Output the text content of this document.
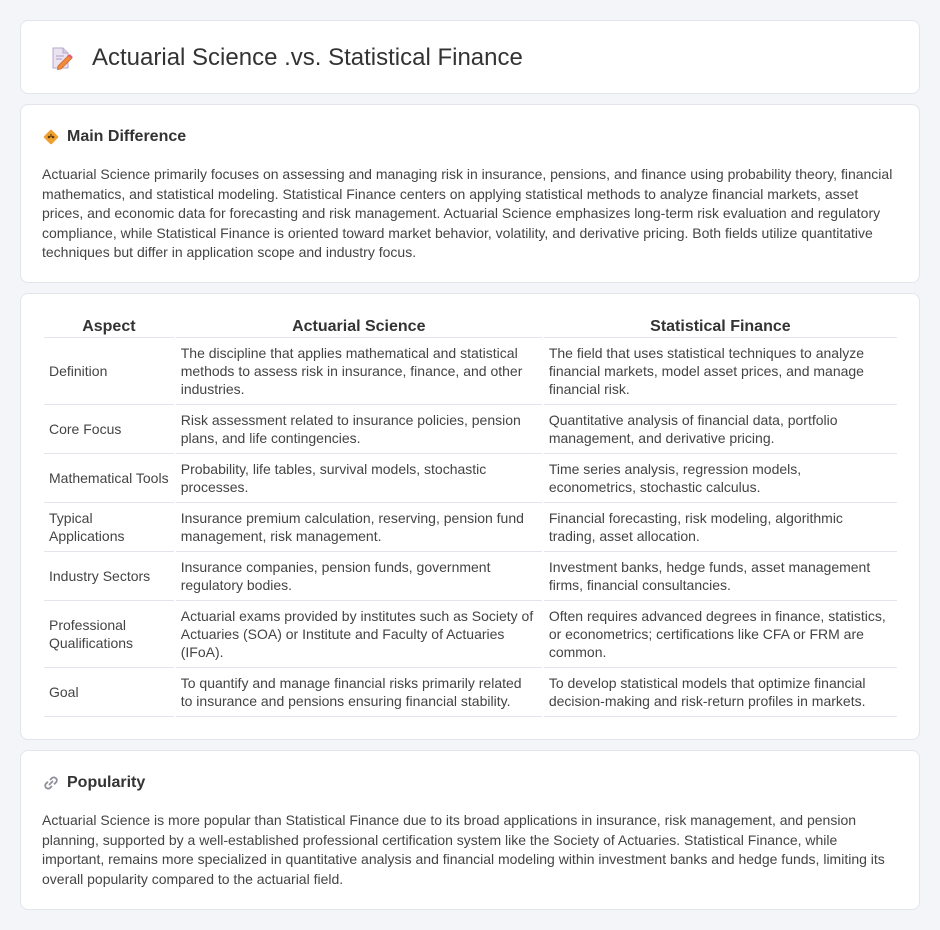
Actuarial Science .vs. Statistical Finance
Main Difference

Actuarial Science primarily focuses on assessing and managing risk in insurance, pensions, and finance using probability theory, financial mathematics, and statistical modeling. Statistical Finance centers on applying statistical methods to analyze financial markets, asset prices, and economic data for forecasting and risk management. Actuarial Science emphasizes long-term risk evaluation and regulatory compliance, while Statistical Finance is oriented toward market behavior, volatility, and derivative pricing. Both fields utilize quantitative techniques but differ in application scope and industry focus.

Aspect	Actuarial Science	Statistical Finance
Definition	The discipline that applies mathematical and statistical methods to assess risk in insurance, finance, and other industries.	The field that uses statistical techniques to analyze financial markets, model asset prices, and manage financial risk.
Core Focus	Risk assessment related to insurance policies, pension plans, and life contingencies.	Quantitative analysis of financial data, portfolio management, and derivative pricing.
Mathematical Tools	Probability, life tables, survival models, stochastic processes.	Time series analysis, regression models, econometrics, stochastic calculus.
Typical Applications	Insurance premium calculation, reserving, pension fund management, risk management.	Financial forecasting, risk modeling, algorithmic trading, asset allocation.
Industry Sectors	Insurance companies, pension funds, government regulatory bodies.	Investment banks, hedge funds, asset management firms, financial consultancies.
Professional Qualifications	Actuarial exams provided by institutes such as Society of Actuaries (SOA) or Institute and Faculty of Actuaries (IFoA).	Often requires advanced degrees in finance, statistics, or econometrics; certifications like CFA or FRM are common.
Goal	To quantify and manage financial risks primarily related to insurance and pensions ensuring financial stability.	To develop statistical models that optimize financial decision-making and risk-return profiles in markets.
Popularity

Actuarial Science is more popular than Statistical Finance due to its broad applications in insurance, risk management, and pension planning, supported by a well-established professional certification system like the Society of Actuaries. Statistical Finance, while important, remains more specialized in quantitative analysis and financial modeling within investment banks and hedge funds, limiting its overall popularity compared to the actuarial field.
